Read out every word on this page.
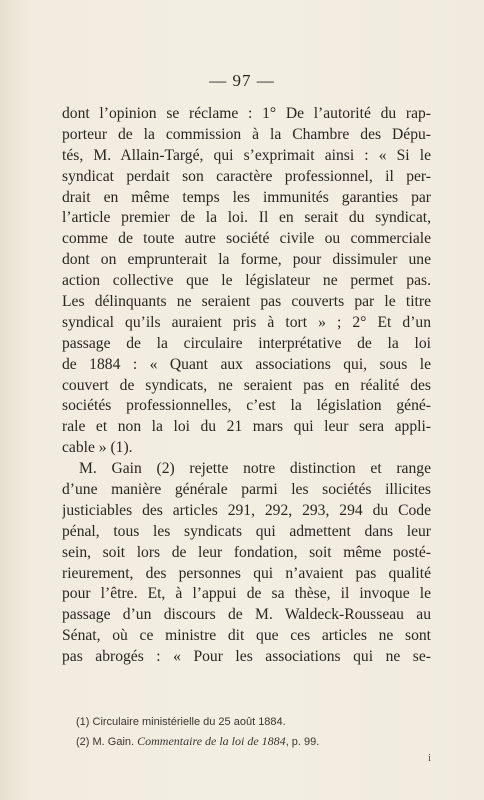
— 97 —
dont l’opinion se réclame : 1° De l’autorité du rap-
porteur de la commission à la Chambre des Dépu-
tés, M. Allain-Targé, qui s’exprimait ainsi : « Si le
syndicat perdait son caractère professionnel, il per-
drait en même temps les immunités garanties par
l’article premier de la loi. Il en serait du syndicat,
comme de toute autre société civile ou commerciale
dont on emprunterait la forme, pour dissimuler une
action collective que le législateur ne permet pas.
Les délinquants ne seraient pas couverts par le titre
syndical qu’ils auraient pris à tort » ; 2° Et d’un
passage de la circulaire interprétative de la loi
de 1884 : « Quant aux associations qui, sous le
couvert de syndicats, ne seraient pas en réalité des
sociétés professionnelles, c’est la législation géné-
rale et non la loi du 21 mars qui leur sera appli-
cable » (1).
M. Gain (2) rejette notre distinction et range
d’une manière générale parmi les sociétés illicites
justiciables des articles 291, 292, 293, 294 du Code
pénal, tous les syndicats qui admettent dans leur
sein, soit lors de leur fondation, soit même posté-
rieurement, des personnes qui n’avaient pas qualité
pour l’être. Et, à l’appui de sa thèse, il invoque le
passage d’un discours de M. Waldeck-Rousseau au
Sénat, où ce ministre dit que ces articles ne sont
pas abrogés : « Pour les associations qui ne se-
(1) Circulaire ministérielle du 25 août 1884.
(2) M. Gain. Commentaire de la loi de 1884, p. 99.
i
